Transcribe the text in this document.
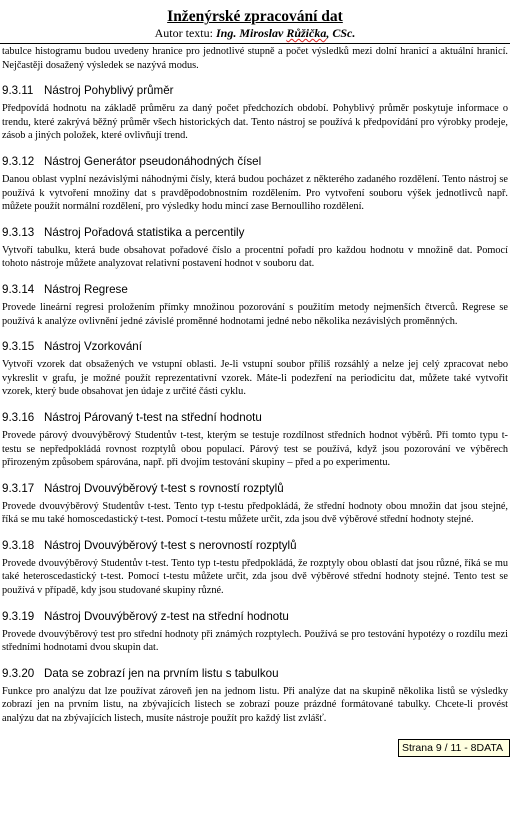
Inženýrské zpracování dat
Autor textu: Ing. Miroslav Růžička, CSc.

tabulce histogramu budou uvedeny hranice pro jednotlivé stupně a počet výsledků mezi dolní hranicí a aktuální hranicí. Nejčastěji dosažený výsledek se nazývá modus.

9.3.11 Nástroj Pohyblivý průměr

Předpovídá hodnotu na základě průměru za daný počet předchozích období. Pohyblivý průměr poskytuje informace o trendu, které zakrývá běžný průměr všech historických dat. Tento nástroj se používá k předpovídání pro výrobky prodeje, zásob a jiných položek, které ovlivňují trend.

9.3.12 Nástroj Generátor pseudonáhodných čísel

Danou oblast vyplní nezávislými náhodnými čísly, která budou pocházet z některého zadaného rozdělení. Tento nástroj se používá k vytvoření množiny dat s pravděpodobnostním rozdělením. Pro vytvoření souboru výšek jednotlivců např. můžete použít normální rozdělení, pro výsledky hodu mincí zase Bernoulliho rozdělení.

9.3.13 Nástroj Pořadová statistika a percentily

Vytvoří tabulku, která bude obsahovat pořadové číslo a procentní pořadí pro každou hodnotu v množině dat. Pomocí tohoto nástroje můžete analyzovat relativní postavení hodnot v souboru dat.

9.3.14 Nástroj Regrese

Provede lineární regresi proložením přímky množinou pozorování s použitím metody nejmenších čtverců. Regrese se používá k analýze ovlivnění jedné závislé proměnné hodnotami jedné nebo několika nezávislých proměnných.

9.3.15 Nástroj Vzorkování

Vytvoří vzorek dat obsažených ve vstupní oblasti. Je-li vstupní soubor příliš rozsáhlý a nelze jej celý zpracovat nebo vykreslit v grafu, je možné použít reprezentativní vzorek. Máte-li podezření na periodicitu dat, můžete také vytvořit vzorek, který bude obsahovat jen údaje z určité části cyklu.

9.3.16 Nástroj Párovaný t-test na střední hodnotu

Provede párový dvouvýběrový Studentův t-test, kterým se testuje rozdílnost středních hodnot výběrů. Při tomto typu t-testu se nepředpokládá rovnost rozptylů obou populací. Párový test se používá, když jsou pozorování ve výběrech přirozeným způsobem spárována, např. při dvojím testování skupiny – před a po experimentu.

9.3.17 Nástroj Dvouvýběrový t-test s rovností rozptylů

Provede dvouvýběrový Studentův t-test. Tento typ t-testu předpokládá, že střední hodnoty obou množin dat jsou stejné, říká se mu také homoscedastický t-test. Pomocí t-testu můžete určit, zda jsou dvě výběrové střední hodnoty stejné.

9.3.18 Nástroj Dvouvýběrový t-test s nerovností rozptylů

Provede dvouvýběrový Studentův t-test. Tento typ t-testu předpokládá, že rozptyly obou oblastí dat jsou různé, říká se mu také heteroscedastický t-test. Pomocí t-testu můžete určit, zda jsou dvě výběrové střední hodnoty stejné. Tento test se používá v případě, kdy jsou studované skupiny různé.

9.3.19 Nástroj Dvouvýběrový z-test na střední hodnotu

Provede dvouvýběrový test pro střední hodnoty při známých rozptylech. Používá se pro testování hypotézy o rozdílu mezi středními hodnotami dvou skupin dat.

9.3.20 Data se zobrazí jen na prvním listu s tabulkou

Funkce pro analýzu dat lze používat zároveň jen na jednom listu. Při analýze dat na skupině několika listů se výsledky zobrazí jen na prvním listu, na zbývajících listech se zobrazí pouze prázdné formátované tabulky. Chcete-li provést analýzu dat na zbývajících listech, musíte nástroje použít pro každý list zvlášť.

Strana 9 / 11 - 8DATA
